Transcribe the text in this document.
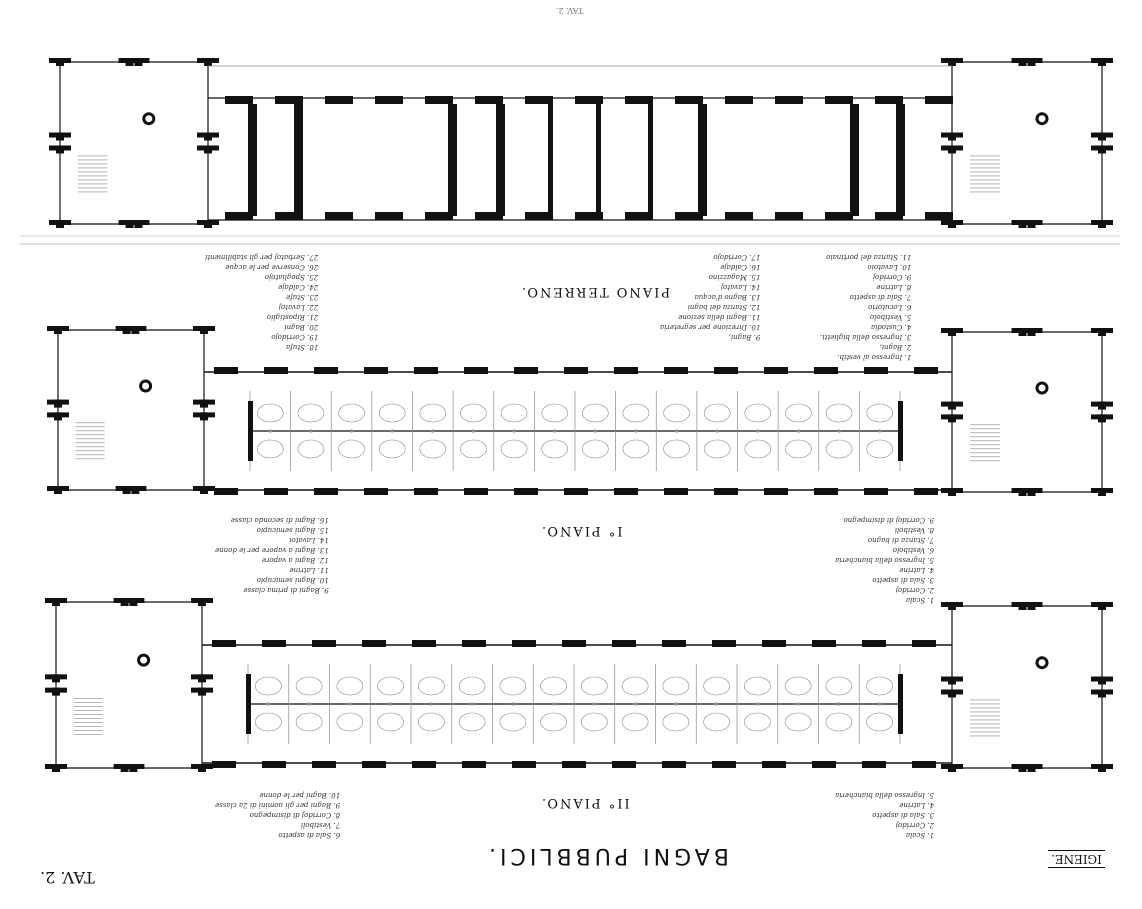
PIANO TERRENO.
I° PIANO.
II° PIANO.
1. Ingresso al vestib.
2. Bagni,
3. Ingresso della biglietti.
4. Custodia
5. Vestibolo
6. Locutorio
7. Sala di aspetto
8. Latrine
9. Corridoj
10. Lavatoio
11. Stanza del portinaio
9. Bagni,
10. Direzione per segreteria
11. Bagni della sezione
12. Stanza dei bagni
13. Bagno d'acqua
14. Lavatoj
15. Magazzino
16. Caldaje
17. Corridojo
18. Stufa
19. Corridojo
20. Bagni
21. Ripostiglio
22. Lavatoj
23. Stufe
24. Caldaje
25. Spogliatojo
26. Conserve per le acque
27. Serbatoj per gli stabilimenti
1. Scala
2. Corridoj
3. Sala di aspetto
4. Latrine
5. Ingresso della biancheria
6. Vestibolo
7. Stanza di bagno
8. Vestiboli
9. Corridoj di disimpegno
9. Bagni di prima classe
10. Bagni semicupio
11. Latrine
12. Bagni a vapore
13. Bagni a vapore per le donne
14. Lavatoi
15. Bagni semicupio
16. Bagni di seconda classe
1. Scala
2. Corridoj
3. Sala di aspetto
4. Latrine
5. Ingresso della biancheria
6. Sala di aspetto
7. Vestiboli
8. Corridoj di disimpegno
9. Bagni per gli uomini di 2a classe
10. Bagni per le donne
BAGNI PUBBLICI.
TAV. 2.
IGIENE.
TAV. 2.
